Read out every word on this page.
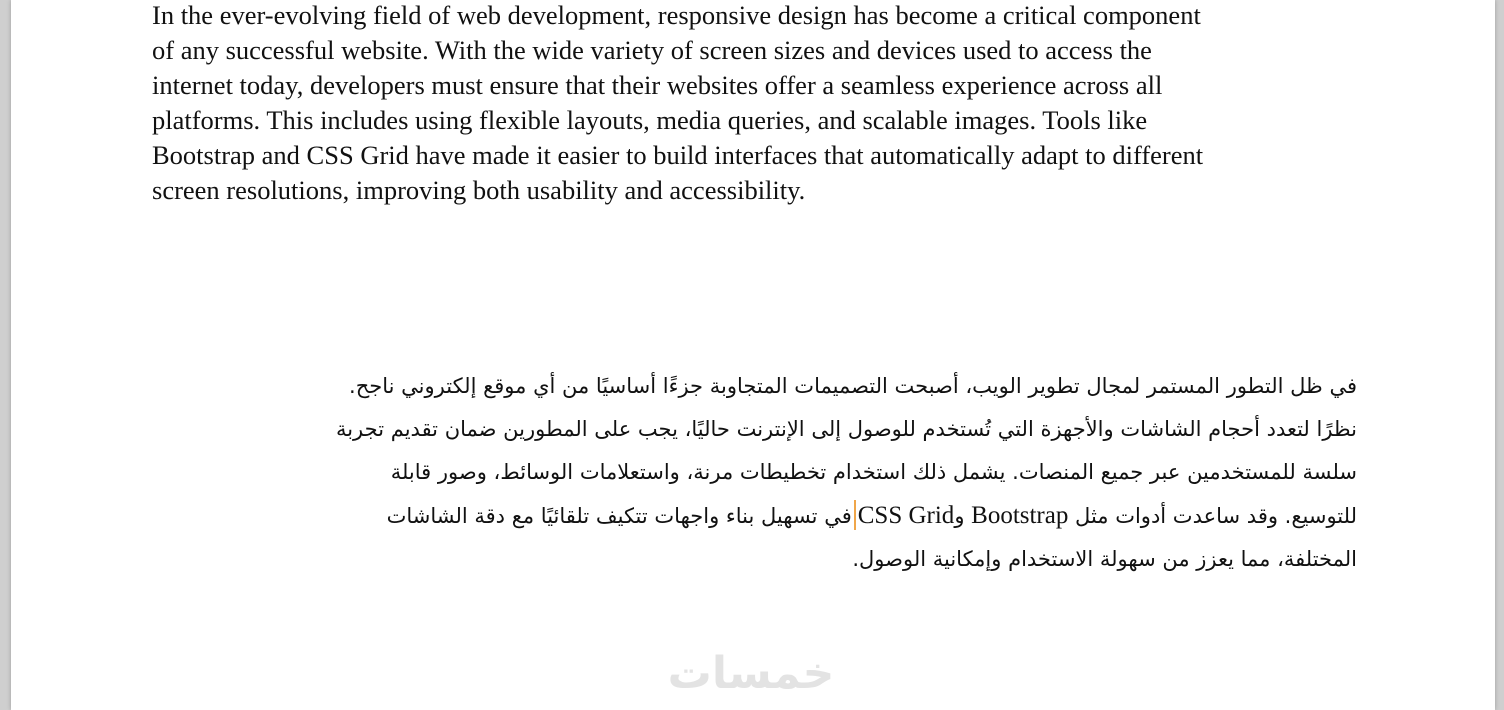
In the ever-evolving field of web development, responsive design has become a critical component
of any successful website. With the wide variety of screen sizes and devices used to access the
internet today, developers must ensure that their websites offer a seamless experience across all
platforms. This includes using flexible layouts, media queries, and scalable images. Tools like
Bootstrap and CSS Grid have made it easier to build interfaces that automatically adapt to different
screen resolutions, improving both usability and accessibility.

في ظل التطور المستمر لمجال تطوير الويب، أصبحت التصميمات المتجاوبة جزءًا أساسيًا من أي موقع إلكتروني ناجح.
نظرًا لتعدد أحجام الشاشات والأجهزة التي تُستخدم للوصول إلى الإنترنت حاليًا، يجب على المطورين ضمان تقديم تجربة
سلسة للمستخدمين عبر جميع المنصات. يشمل ذلك استخدام تخطيطات مرنة، واستعلامات الوسائط، وصور قابلة
للتوسيع. وقد ساعدت أدوات مثل Bootstrap وCSS Gridفي تسهيل بناء واجهات تتكيف تلقائيًا مع دقة الشاشات
المختلفة، مما يعزز من سهولة الاستخدام وإمكانية الوصول.

خمسات
